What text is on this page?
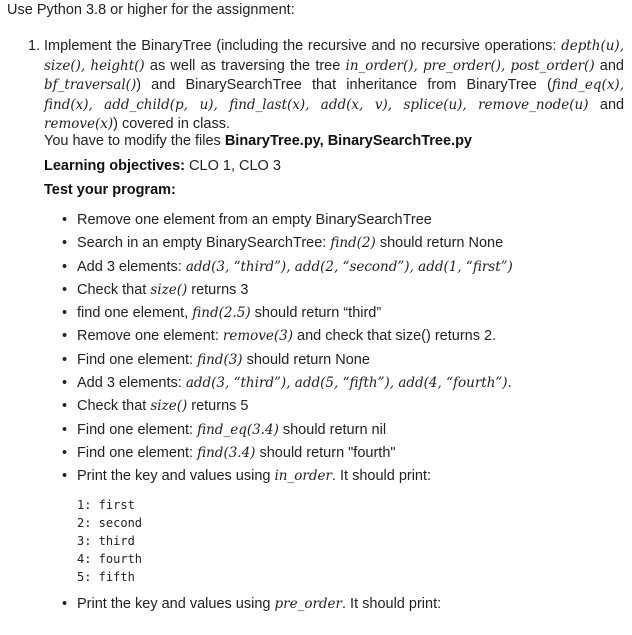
Use Python 3.8 or higher for the assignment:
1. Implement the BinaryTree (including the recursive and no recursive operations: depth(u), size(), height() as well as traversing the tree in_order(), pre_order(), post_order() and bf_traversal()) and BinarySearchTree that inheritance from BinaryTree (find_eq(x), find(x), add_child(p, u), find_last(x), add(x, v), splice(u), remove_node(u) and remove(x)) covered in class.
You have to modify the files BinaryTree.py, BinarySearchTree.py
Learning objectives: CLO 1, CLO 3
Test your program:
• Remove one element from an empty BinarySearchTree
• Search in an empty BinarySearchTree: find(2) should return None
• Add 3 elements: add(3, “third”), add(2, “second”), add(1, “first”)
• Check that size() returns 3
• find one element, find(2.5) should return “third”
• Remove one element: remove(3) and check that size() returns 2.
• Find one element: find(3) should return None
• Add 3 elements: add(3, “third”), add(5, “fifth”), add(4, “fourth”).
• Check that size() returns 5
• Find one element: find_eq(3.4) should return nil
• Find one element: find(3.4) should return "fourth"
• Print the key and values using in_order. It should print:
1: first
2: second
3: third
4: fourth
5: fifth
• Print the key and values using pre_order. It should print:
